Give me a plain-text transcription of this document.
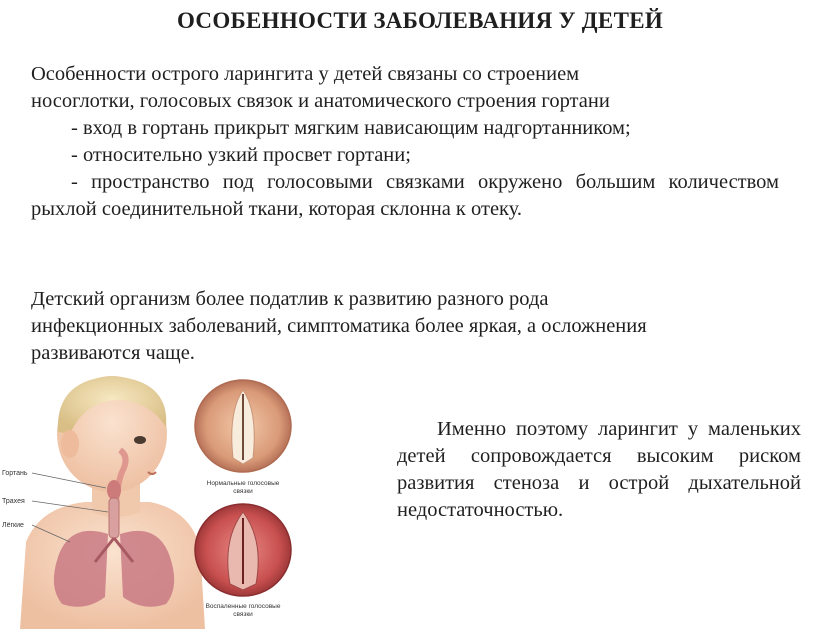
ОСОБЕННОСТИ ЗАБОЛЕВАНИЯ У ДЕТЕЙ
Особенности острого ларингита у детей связаны со строением
носоглотки, голосовых связок и анатомического строения гортани
- вход в гортань прикрыт мягким нависающим надгортанником;
- относительно узкий просвет гортани;
- пространство под голосовыми связками окружено большим количеством рыхлой соединительной ткани, которая склонна к отеку.
Детский организм более податлив к развитию разного рода
инфекционных заболеваний, симптоматика более яркая, а осложнения
развиваются чаще.
Именно поэтому ларингит у маленьких детей сопровождается высоким риском развития стеноза и острой дыхательной недостаточностью.
Гортань
Трахея
Лёгкие
Нормальные голосовые
связки
Воспаленные голосовые
связки
